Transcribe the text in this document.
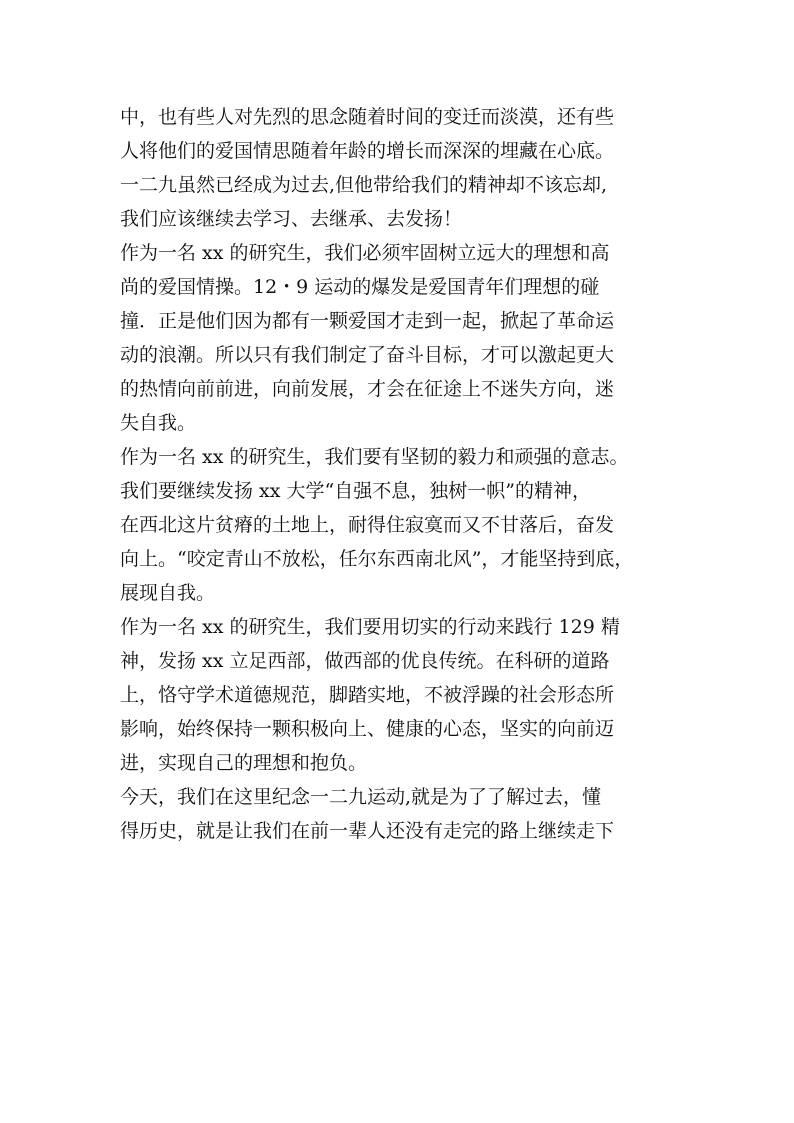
中，也有些人对先烈的思念随着时间的变迁而淡漠，还有些
人将他们的爱国情思随着年龄的增长而深深的埋藏在心底。
一二九虽然已经成为过去,但他带给我们的精神却不该忘却,
我们应该继续去学习、去继承、去发扬！
作为一名 xx 的研究生，我们必须牢固树立远大的理想和高
尚的爱国情操。12・9 运动的爆发是爱国青年们理想的碰
撞．正是他们因为都有一颗爱国才走到一起，掀起了革命运
动的浪潮。所以只有我们制定了奋斗目标，才可以激起更大
的热情向前前进，向前发展，才会在征途上不迷失方向，迷
失自我。
作为一名 xx 的研究生，我们要有坚韧的毅力和顽强的意志。
我们要继续发扬 xx 大学“自强不息，独树一帜”的精神，
在西北这片贫瘠的土地上，耐得住寂寞而又不甘落后，奋发
向上。“咬定青山不放松，任尔东西南北风”，才能坚持到底，
展现自我。
作为一名 xx 的研究生，我们要用切实的行动来践行 129 精
神，发扬 xx 立足西部，做西部的优良传统。在科研的道路
上，恪守学术道德规范，脚踏实地，不被浮躁的社会形态所
影响，始终保持一颗积极向上、健康的心态，坚实的向前迈
进，实现自己的理想和抱负。
今天，我们在这里纪念一二九运动,就是为了了解过去，懂
得历史，就是让我们在前一辈人还没有走完的路上继续走下
